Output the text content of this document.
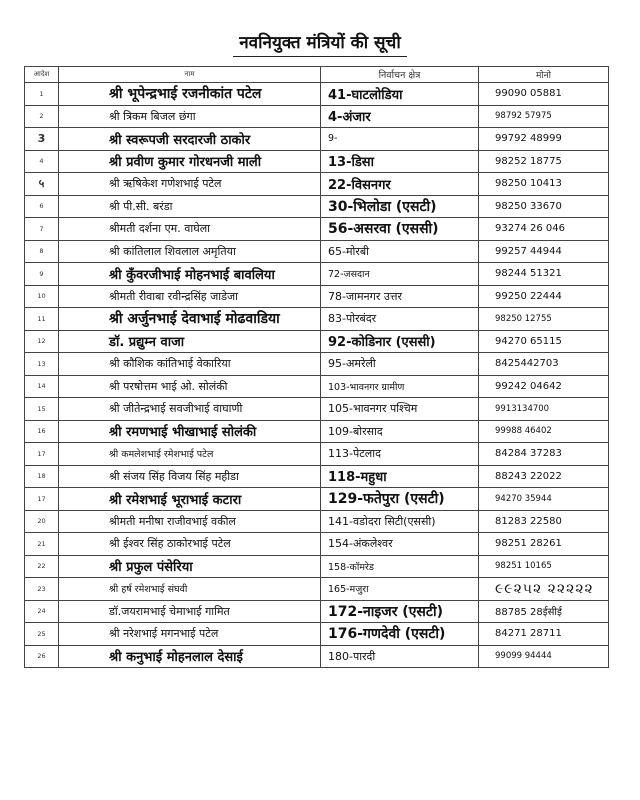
नवनियुक्त मंत्रियों की सूची
आदेश	नाम	निर्वाचन क्षेत्र	मोनो
1	श्री भूपेन्द्रभाई रजनीकांत पटेल	41-घाटलोडिया	99090 05881
2	श्री त्रिकम बिजल छंगा	4-अंजार	98792 57975
3	श्री स्वरूपजी सरदारजी ठाकोर	9-	99792 48999
4	श्री प्रवीण कुमार गोरधनजी माली	13-डिसा	98252 18775
५	श्री ऋषिकेश गणेशभाई पटेल	22-विसनगर	98250 10413
6	श्री पी.सी. बरंडा	30-भिलोडा (एसटी)	98250 33670
7	श्रीमती दर्शना एम. वाघेला	56-असरवा (एससी)	93274 26 046
8	श्री कांतिलाल शिवलाल अमृतिया	65-मोरबी	99257 44944
9	श्री कुँवरजीभाई मोहनभाई बावलिया	72-जसदान	98244 51321
10	श्रीमती रीवाबा रवीन्द्रसिंह जाडेजा	78-जामनगर उत्तर	99250 22444
11	श्री अर्जुनभाई देवाभाई मोढवाडिया	83-पोरबंदर	98250 12755
12	डॉ. प्रद्युम्न वाजा	92-कोडिनार (एससी)	94270 65115
13	श्री कौशिक कांतिभाई वेकारिया	95-अमरेली	8425442703
14	श्री परषोत्तम भाई ओ. सोलंकी	103-भावनगर ग्रामीण	99242 04642
15	श्री जीतेन्द्रभाई सवजीभाई वाघाणी	105-भावनगर पश्चिम	9913134700
16	श्री रमणभाई भीखाभाई सोलंकी	109-बोरसाद	99988 46402
17	श्री कमलेशभाई रमेशभाई पटेल	113-पेटलाद	84284 37283
18	श्री संजय सिंह विजय सिंह महीडा	118-महुधा	88243 22022
17	श्री रमेशभाई भूराभाई कटारा	129-फतेपुरा (एसटी)	94270 35944
20	श्रीमती मनीषा राजीवभाई वकील	141-वडोदरा सिटी(एससी)	81283 22580
21	श्री ईश्वर सिंह ठाकोरभाई पटेल	154-अंकलेश्वर	98251 28261
22	श्री प्रफुल पंसेरिया	158-कॉमरेड	98251 10165
23	श्री हर्ष रमेशभाई संघवी	165-मजुरा	૯૯૨૫૨ ૨૨૨૨૨
24	डॉ.जयरामभाई चेमाभाई गामित	172-नाइजर (एसटी)	88785 28ईसीई
25	श्री नरेशभाई मगनभाई पटेल	176-गणदेवी (एसटी)	84271 28711
26	श्री कनुभाई मोहनलाल देसाई	180-पारदी	99099 94444
